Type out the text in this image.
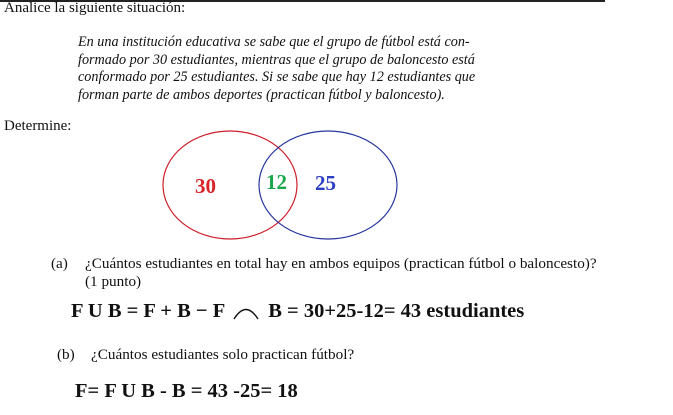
Analice la siguiente situación:
En una institución educativa se sabe que el grupo de fútbol está con-
formado por 30 estudiantes, mientras que el grupo de baloncesto está
conformado por 25 estudiantes. Si se sabe que hay 12 estudiantes que
forman parte de ambos deportes (practican fútbol y baloncesto).
Determine:
30 12 25
(a) ¿Cuántos estudiantes en total hay en ambos equipos (practican fútbol o baloncesto)?
(1 punto)
F U B = F + B − F B = 30+25-12= 43 estudiantes
(b) ¿Cuántos estudiantes solo practican fútbol?
F= F U B - B = 43 -25= 18
